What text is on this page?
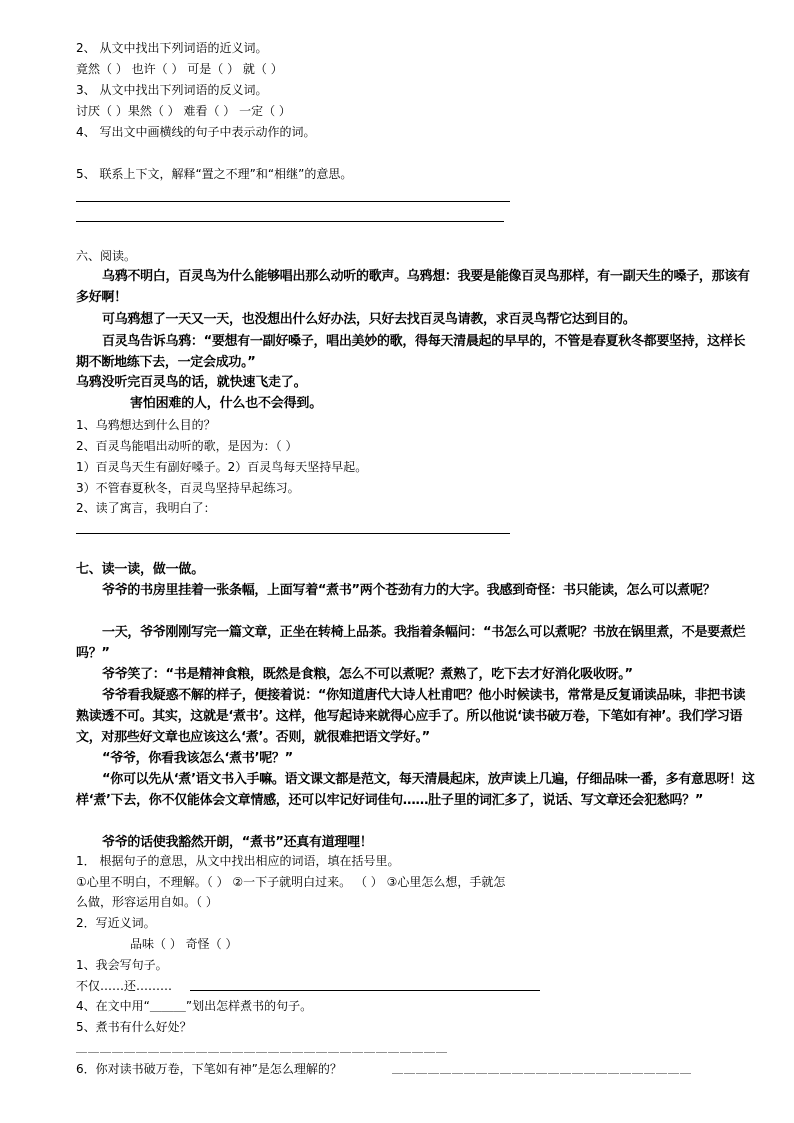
2、 从文中找出下列词语的近义词。
竟然（ ） 也许（ ） 可是（ ） 就（ ）
3、 从文中找出下列词语的反义词。
讨厌（ ）果然（ ） 难看（ ） 一定（ ）
4、 写出文中画横线的句子中表示动作的词。
5、 联系上下文，解释“置之不理”和“相继”的意思。
六、阅读。
乌鸦不明白，百灵鸟为什么能够唱出那么动听的歌声。乌鸦想：我要是能像百灵鸟那样，有一副天生的嗓子，那该有多好啊！
可乌鸦想了一天又一天，也没想出什么好办法，只好去找百灵鸟请教，求百灵鸟帮它达到目的。
百灵鸟告诉乌鸦：“要想有一副好嗓子，唱出美妙的歌，得每天清晨起的早早的，不管是春夏秋冬都要坚持，这样长期不断地练下去，一定会成功。”
乌鸦没听完百灵鸟的话，就快速飞走了。
害怕困难的人，什么也不会得到。
1、乌鸦想达到什么目的？
2、百灵鸟能唱出动听的歌，是因为：（ ）
1）百灵鸟天生有副好嗓子。2）百灵鸟每天坚持早起。
3）不管春夏秋冬，百灵鸟坚持早起练习。
2、读了寓言，我明白了：
七、读一读，做一做。
爷爷的书房里挂着一张条幅，上面写着“煮书”两个苍劲有力的大字。我感到奇怪：书只能读，怎么可以煮呢？
一天，爷爷刚刚写完一篇文章，正坐在转椅上品茶。我指着条幅问：“书怎么可以煮呢？书放在锅里煮，不是要煮烂吗？”
爷爷笑了：“书是精神食粮，既然是食粮，怎么不可以煮呢？煮熟了，吃下去才好消化吸收呀。”
爷爷看我疑惑不解的样子，便接着说：“你知道唐代大诗人杜甫吧？他小时候读书，常常是反复诵读品味，非把书读熟读透不可。其实，这就是‘煮书’。这样，他写起诗来就得心应手了。所以他说‘读书破万卷，下笔如有神’。我们学习语文，对那些好文章也应该这么‘煮’。否则，就很难把语文学好。”
“爷爷，你看我该怎么‘煮书’呢？”
“你可以先从‘煮’语文书入手嘛。语文课文都是范文，每天清晨起床，放声读上几遍，仔细品味一番，多有意思呀！这样‘煮’下去，你不仅能体会文章情感，还可以牢记好词佳句……肚子里的词汇多了，说话、写文章还会犯愁吗？”
爷爷的话使我豁然开朗，“煮书”还真有道理哩！
1． 根据句子的意思，从文中找出相应的词语，填在括号里。
①心里不明白，不理解。（ ） ②一下子就明白过来。 （ ） ③心里怎么想，手就怎
么做，形容运用自如。（ ）
2．写近义词。
品味（ ） 奇怪（ ）
1、我会写句子。
不仅……还………
4、在文中用“＿＿＿”划出怎样煮书的句子。
5、煮书有什么好处？
＿＿＿＿＿＿＿＿＿＿＿＿＿＿＿＿＿＿＿＿＿＿＿＿＿＿＿＿＿＿＿
6．你对读书破万卷，下笔如有神”是怎么理解的？	＿＿＿＿＿＿＿＿＿＿＿＿＿＿＿＿＿＿＿＿＿＿＿＿＿
